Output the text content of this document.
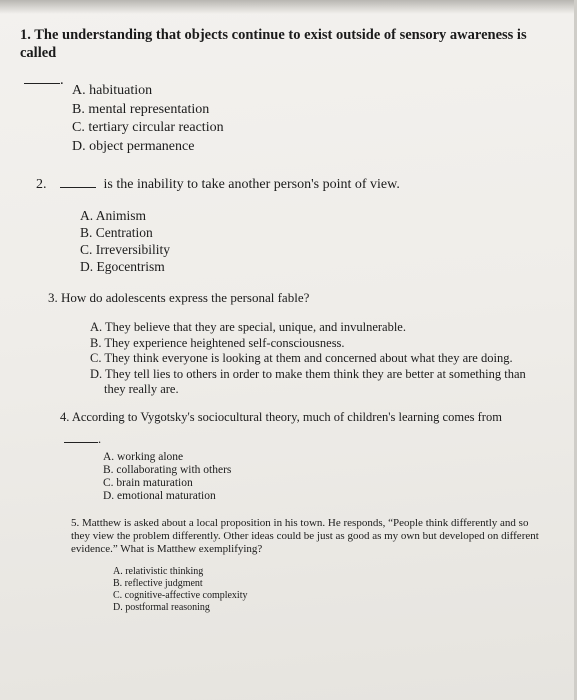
1. The understanding that objects continue to exist outside of sensory awareness is called
.
A. habituation
B. mental representation
C. tertiary circular reaction
D. object permanence
2.	is the inability to take another person's point of view.
A. Animism
B. Centration
C. Irreversibility
D. Egocentrism
3. How do adolescents express the personal fable?
A. They believe that they are special, unique, and invulnerable.
B. They experience heightened self-consciousness.
C. They think everyone is looking at them and concerned about what they are doing.
D. They tell lies to others in order to make them think they are better at something than they really are.
4. According to Vygotsky's sociocultural theory, much of children's learning comes from
.
A. working alone
B. collaborating with others
C. brain maturation
D. emotional maturation
5. Matthew is asked about a local proposition in his town. He responds, “People think differently and so they view the problem differently. Other ideas could be just as good as my own but developed on different evidence.” What is Matthew exemplifying?
A. relativistic thinking
B. reflective judgment
C. cognitive-affective complexity
D. postformal reasoning
